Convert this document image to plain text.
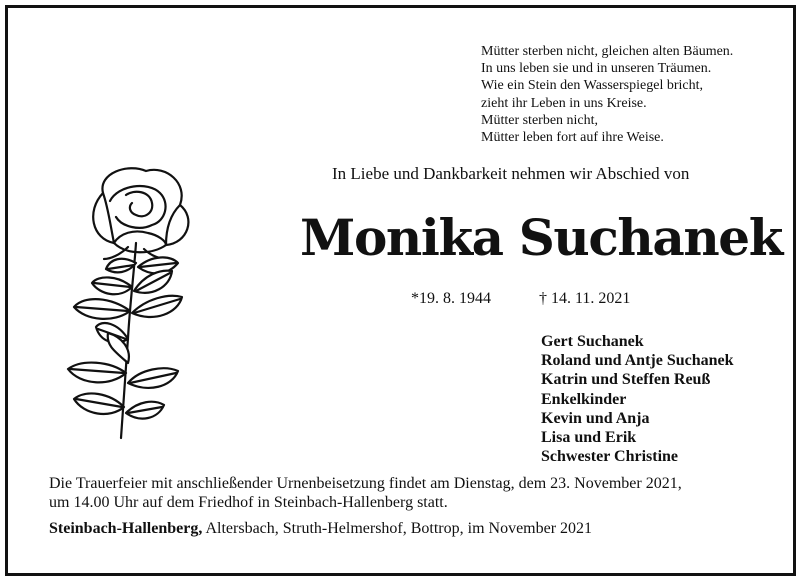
Mütter sterben nicht, gleichen alten Bäumen.
In uns leben sie und in unseren Träumen.
Wie ein Stein den Wasserspiegel bricht,
zieht ihr Leben in uns Kreise.
Mütter sterben nicht,
Mütter leben fort auf ihre Weise.
In Liebe und Dankbarkeit nehmen wir Abschied von
Monika Suchanek
*19. 8. 1944	† 14. 11. 2021
Gert Suchanek
Roland und Antje Suchanek
Katrin und Steffen Reuß
Enkelkinder
Kevin und Anja
Lisa und Erik
Schwester Christine
Die Trauerfeier mit anschließender Urnenbeisetzung findet am Dienstag, dem 23. November 2021,
um 14.00 Uhr auf dem Friedhof in Steinbach-Hallenberg statt.
Steinbach-Hallenberg, Altersbach, Struth-Helmershof, Bottrop, im November 2021
